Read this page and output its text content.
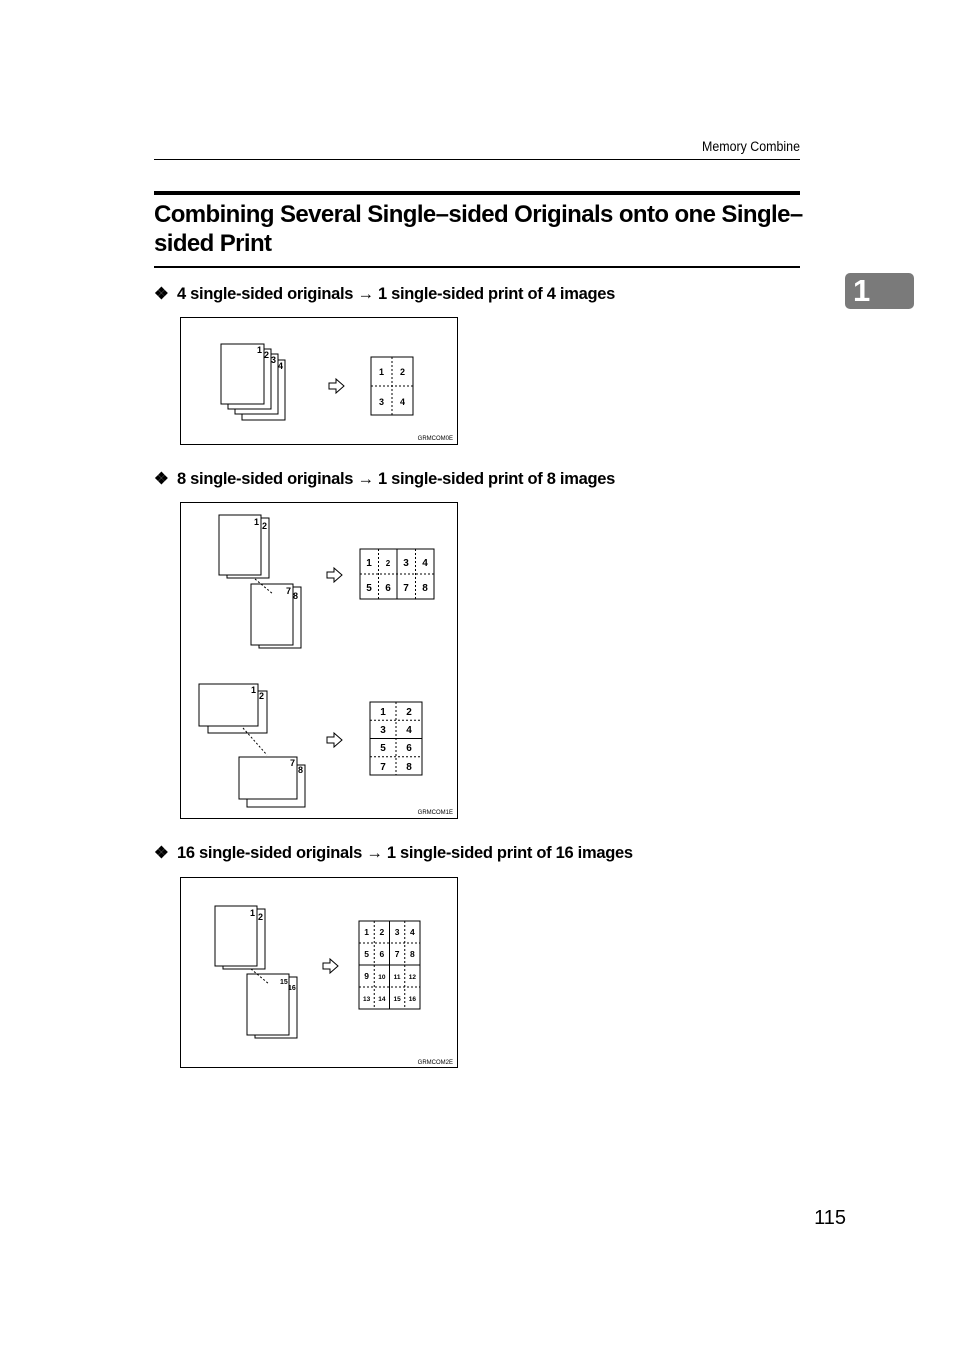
Memory Combine
Combining Several Single–sided Originals onto one Single–sided Print
1
❖ 4 single-sided originals → 1 single-sided print of 4 images
1 2 3
4
1 2
3 4
GRMCOM0E
❖ 8 single-sided originals → 1 single-sided print of 8 images
1 2
7 8
1 2 3 4
5 6 7 8
1
2
7
8
1 2
3 4
5 6
7 8
GRMCOM1E
❖ 16 single-sided originals → 1 single-sided print of 16 images
1 2
15
16
1 2 3 4
5 6 7 8
9 10 11 12
13 14 15 16
GRMCOM2E
115
